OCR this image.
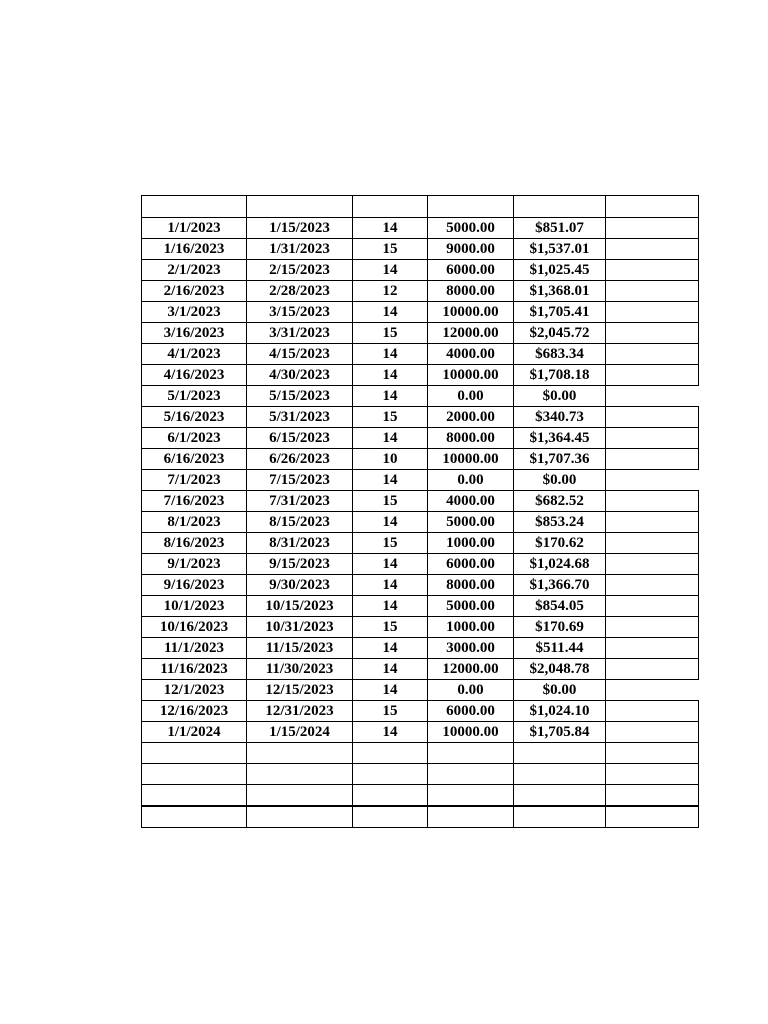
1/1/2023	1/15/2023	14	5000.00	$851.07	
1/16/2023	1/31/2023	15	9000.00	$1,537.01	
2/1/2023	2/15/2023	14	6000.00	$1,025.45	
2/16/2023	2/28/2023	12	8000.00	$1,368.01	
3/1/2023	3/15/2023	14	10000.00	$1,705.41	
3/16/2023	3/31/2023	15	12000.00	$2,045.72	
4/1/2023	4/15/2023	14	4000.00	$683.34	
4/16/2023	4/30/2023	14	10000.00	$1,708.18	
5/1/2023	5/15/2023	14	0.00	$0.00	
5/16/2023	5/31/2023	15	2000.00	$340.73	
6/1/2023	6/15/2023	14	8000.00	$1,364.45	
6/16/2023	6/26/2023	10	10000.00	$1,707.36	
7/1/2023	7/15/2023	14	0.00	$0.00	
7/16/2023	7/31/2023	15	4000.00	$682.52	
8/1/2023	8/15/2023	14	5000.00	$853.24	
8/16/2023	8/31/2023	15	1000.00	$170.62	
9/1/2023	9/15/2023	14	6000.00	$1,024.68	
9/16/2023	9/30/2023	14	8000.00	$1,366.70	
10/1/2023	10/15/2023	14	5000.00	$854.05	
10/16/2023	10/31/2023	15	1000.00	$170.69	
11/1/2023	11/15/2023	14	3000.00	$511.44	
11/16/2023	11/30/2023	14	12000.00	$2,048.78	
12/1/2023	12/15/2023	14	0.00	$0.00	
12/16/2023	12/31/2023	15	6000.00	$1,024.10	
1/1/2024	1/15/2024	14	10000.00	$1,705.84	
